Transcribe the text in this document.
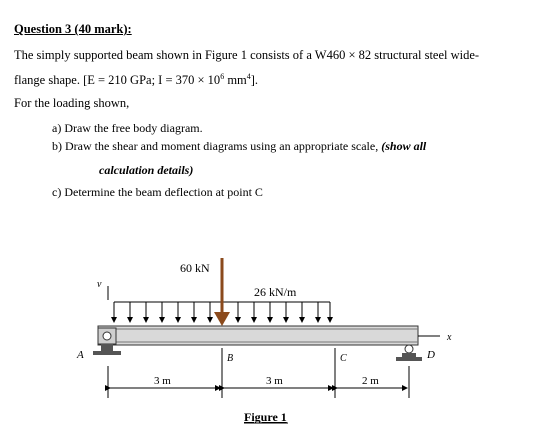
Question 3 (40 mark):
The simply supported beam shown in Figure 1 consists of a W460 × 82 structural steel wide-
flange shape. [E = 210 GPa; $I = 370 \times 10^6$ $mm^4$].
For the loading shown,
a) Draw the free body diagram.
b) Draw the shear and moment diagrams using an appropriate scale, (show all
calculation details)
c) Determine the beam deflection at point C
v
60 kN
26 kN/m
x
A	D
B	C
3 m	3 m	2 m
Figure 1
